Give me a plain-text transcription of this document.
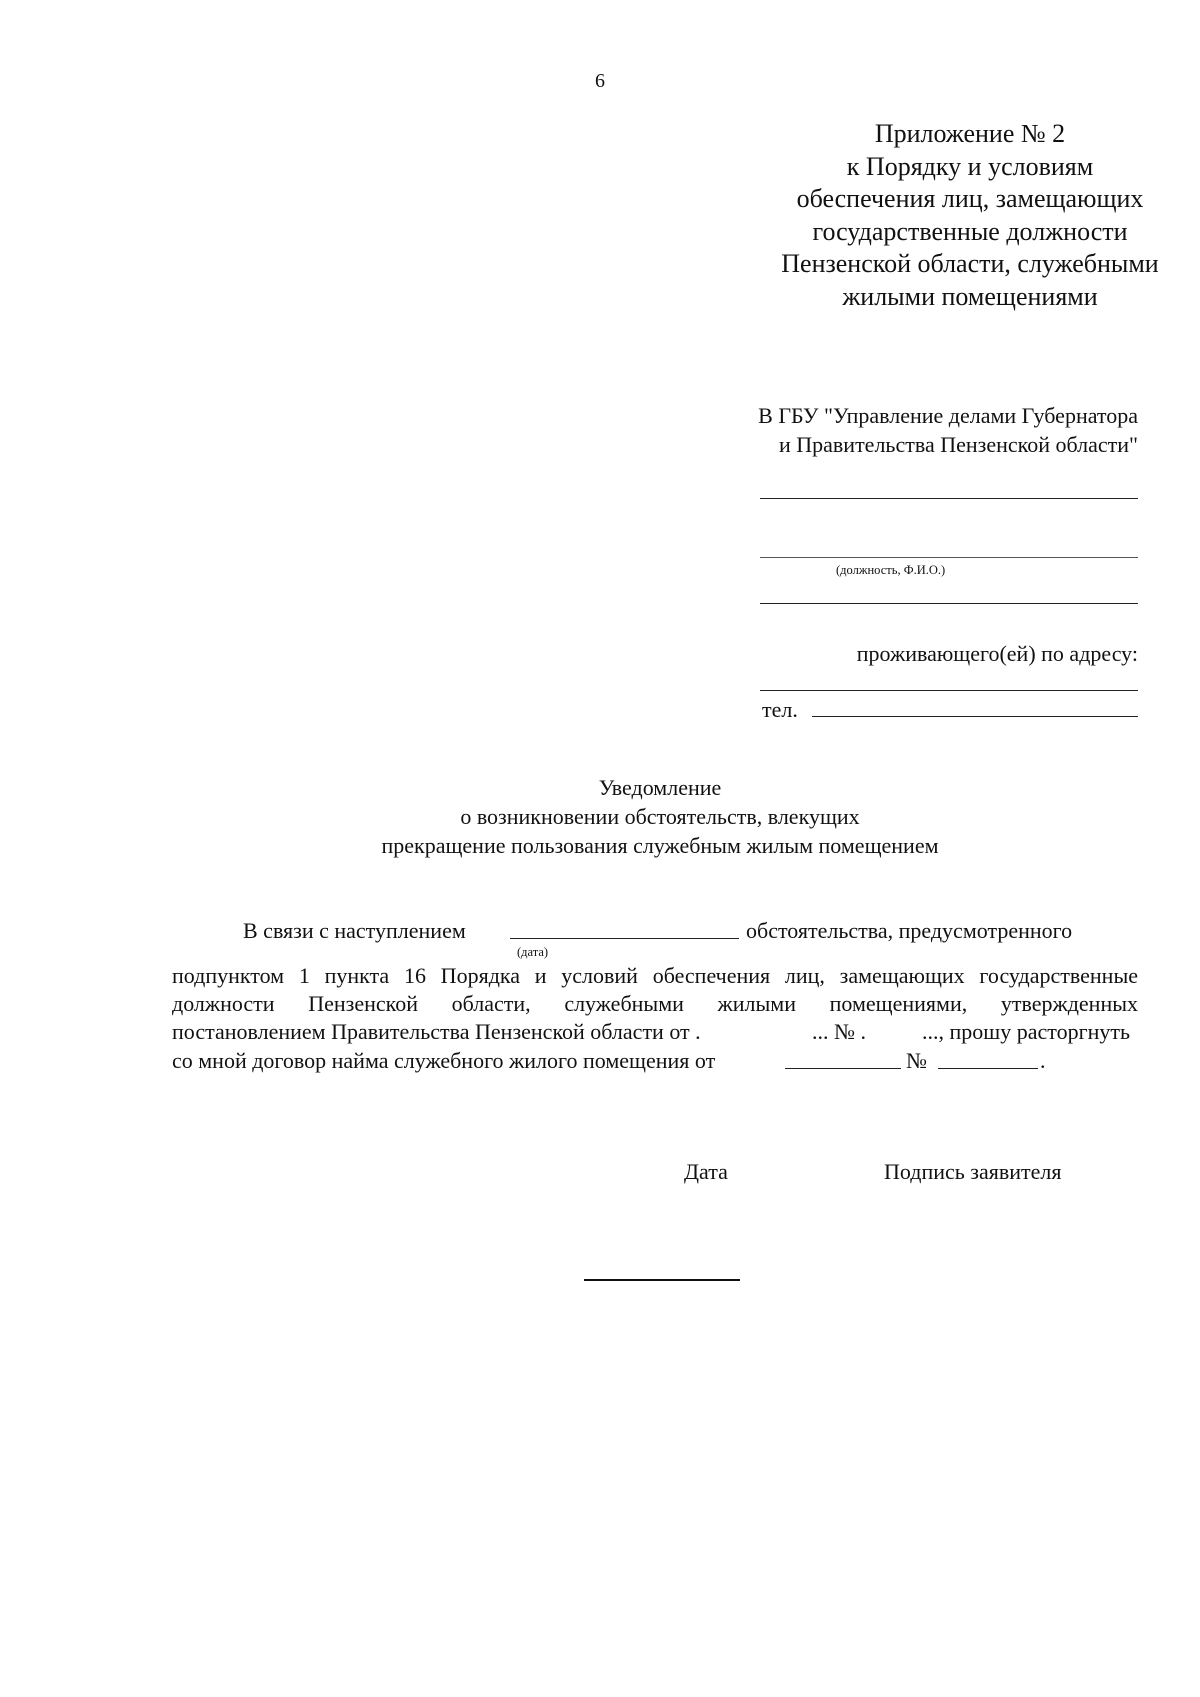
6
Приложение № 2
к Порядку и условиям
обеспечения лиц, замещающих
государственные должности
Пензенской области, служебными
жилыми помещениями
В ГБУ "Управление делами Губернатора
и Правительства Пензенской области"
(должность, Ф.И.О.)
проживающего(ей) по адресу:
тел.
Уведомление
о возникновении обстоятельств, влекущих
прекращение пользования служебным жилым помещением
В связи с наступлением	обстоятельства, предусмотренного
(дата)
подпунктом 1 пункта 16 Порядка и условий обеспечения лиц, замещающих государственные
должности Пензенской области, служебными жилыми помещениями, утвержденных
постановлением Правительства Пензенской области от .	... № .	..., прошу расторгнуть
со мной договор найма служебного жилого помещения от	№	.
Дата	Подпись заявителя
